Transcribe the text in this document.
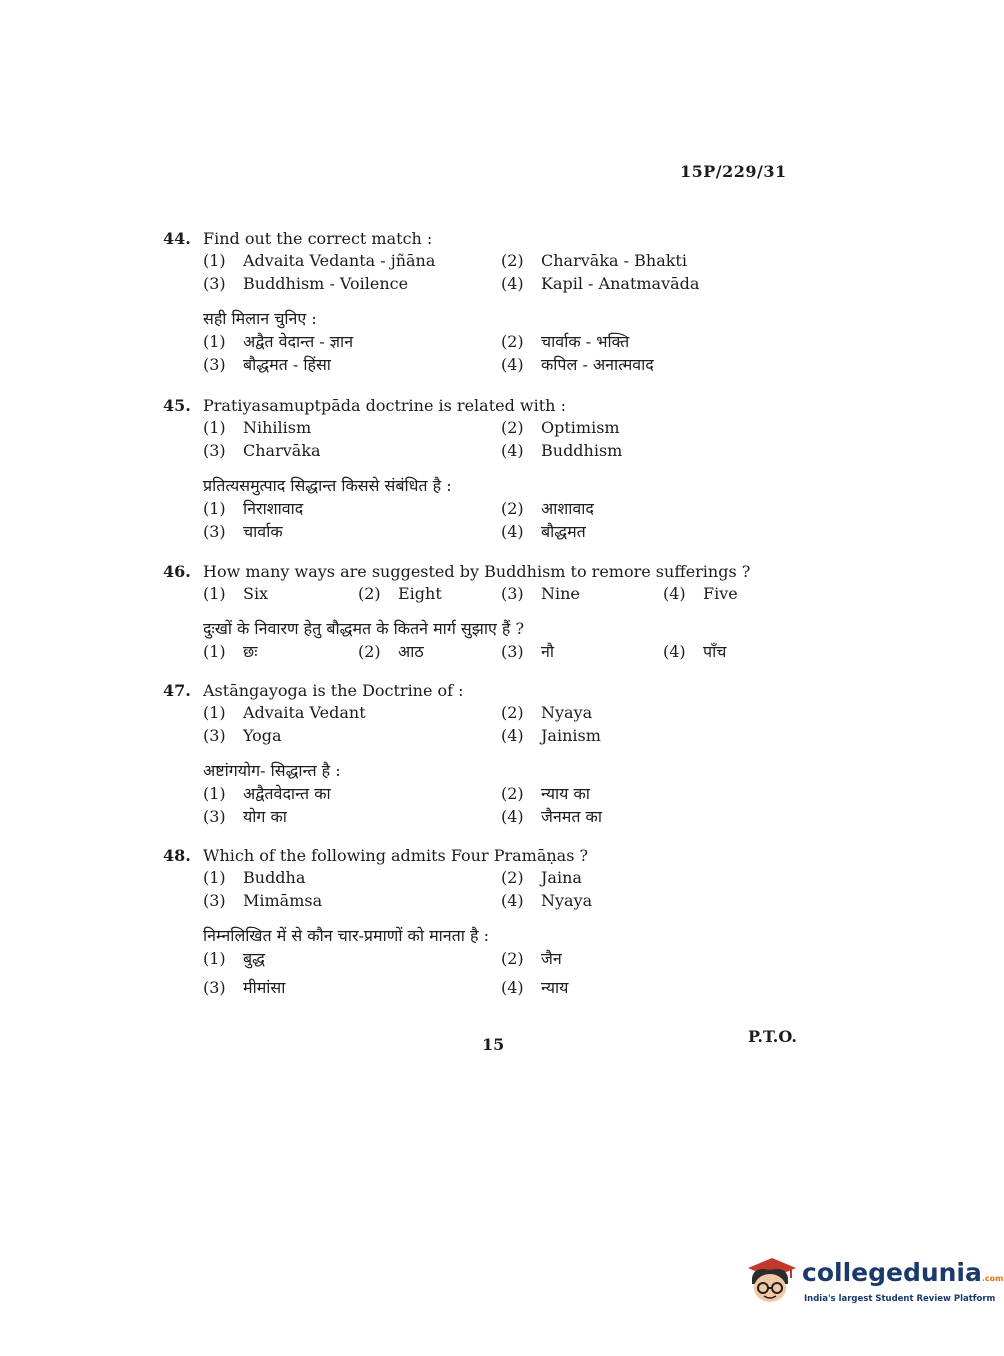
15P/229/31
44. Find out the correct match :
(1) Advaita Vedanta - jñāna	(2) Charvāka - Bhakti
(3) Buddhism - Voilence	(4) Kapil - Anatmavāda
सही मिलान चुनिए :
(1) अद्वैत वेदान्त - ज्ञान	(2) चार्वाक - भक्ति
(3) बौद्धमत - हिंसा	(4) कपिल - अनात्मवाद
45. Pratiyasamuptpāda doctrine is related with :
(1) Nihilism	(2) Optimism
(3) Charvāka	(4) Buddhism
प्रतित्यसमुत्पाद सिद्धान्त किससे संबंधित है :
(1) निराशावाद	(2) आशावाद
(3) चार्वाक	(4) बौद्धमत
46. How many ways are suggested by Buddhism to remore sufferings ?
(1) Six	(2) Eight	(3) Nine	(4) Five
दुःखों के निवारण हेतु बौद्धमत के कितने मार्ग सुझाए हैं ?
(1) छः	(2) आठ	(3) नौ	(4) पाँच
47. Astāngayoga is the Doctrine of :
(1) Advaita Vedant	(2) Nyaya
(3) Yoga	(4) Jainism
अष्टांगयोग- सिद्धान्त है :
(1) अद्वैतवेदान्त का	(2) न्याय का
(3) योग का	(4) जैनमत का
48. Which of the following admits Four Pramāṇas ?
(1) Buddha	(2) Jaina
(3) Mimāmsa	(4) Nyaya
निम्नलिखित में से कौन चार-प्रमाणों को मानता है :
(1) बुद्ध	(2) जैन
(3) मीमांसा	(4) न्याय
15	P.T.O.
collegedunia.com
India's largest Student Review Platform
